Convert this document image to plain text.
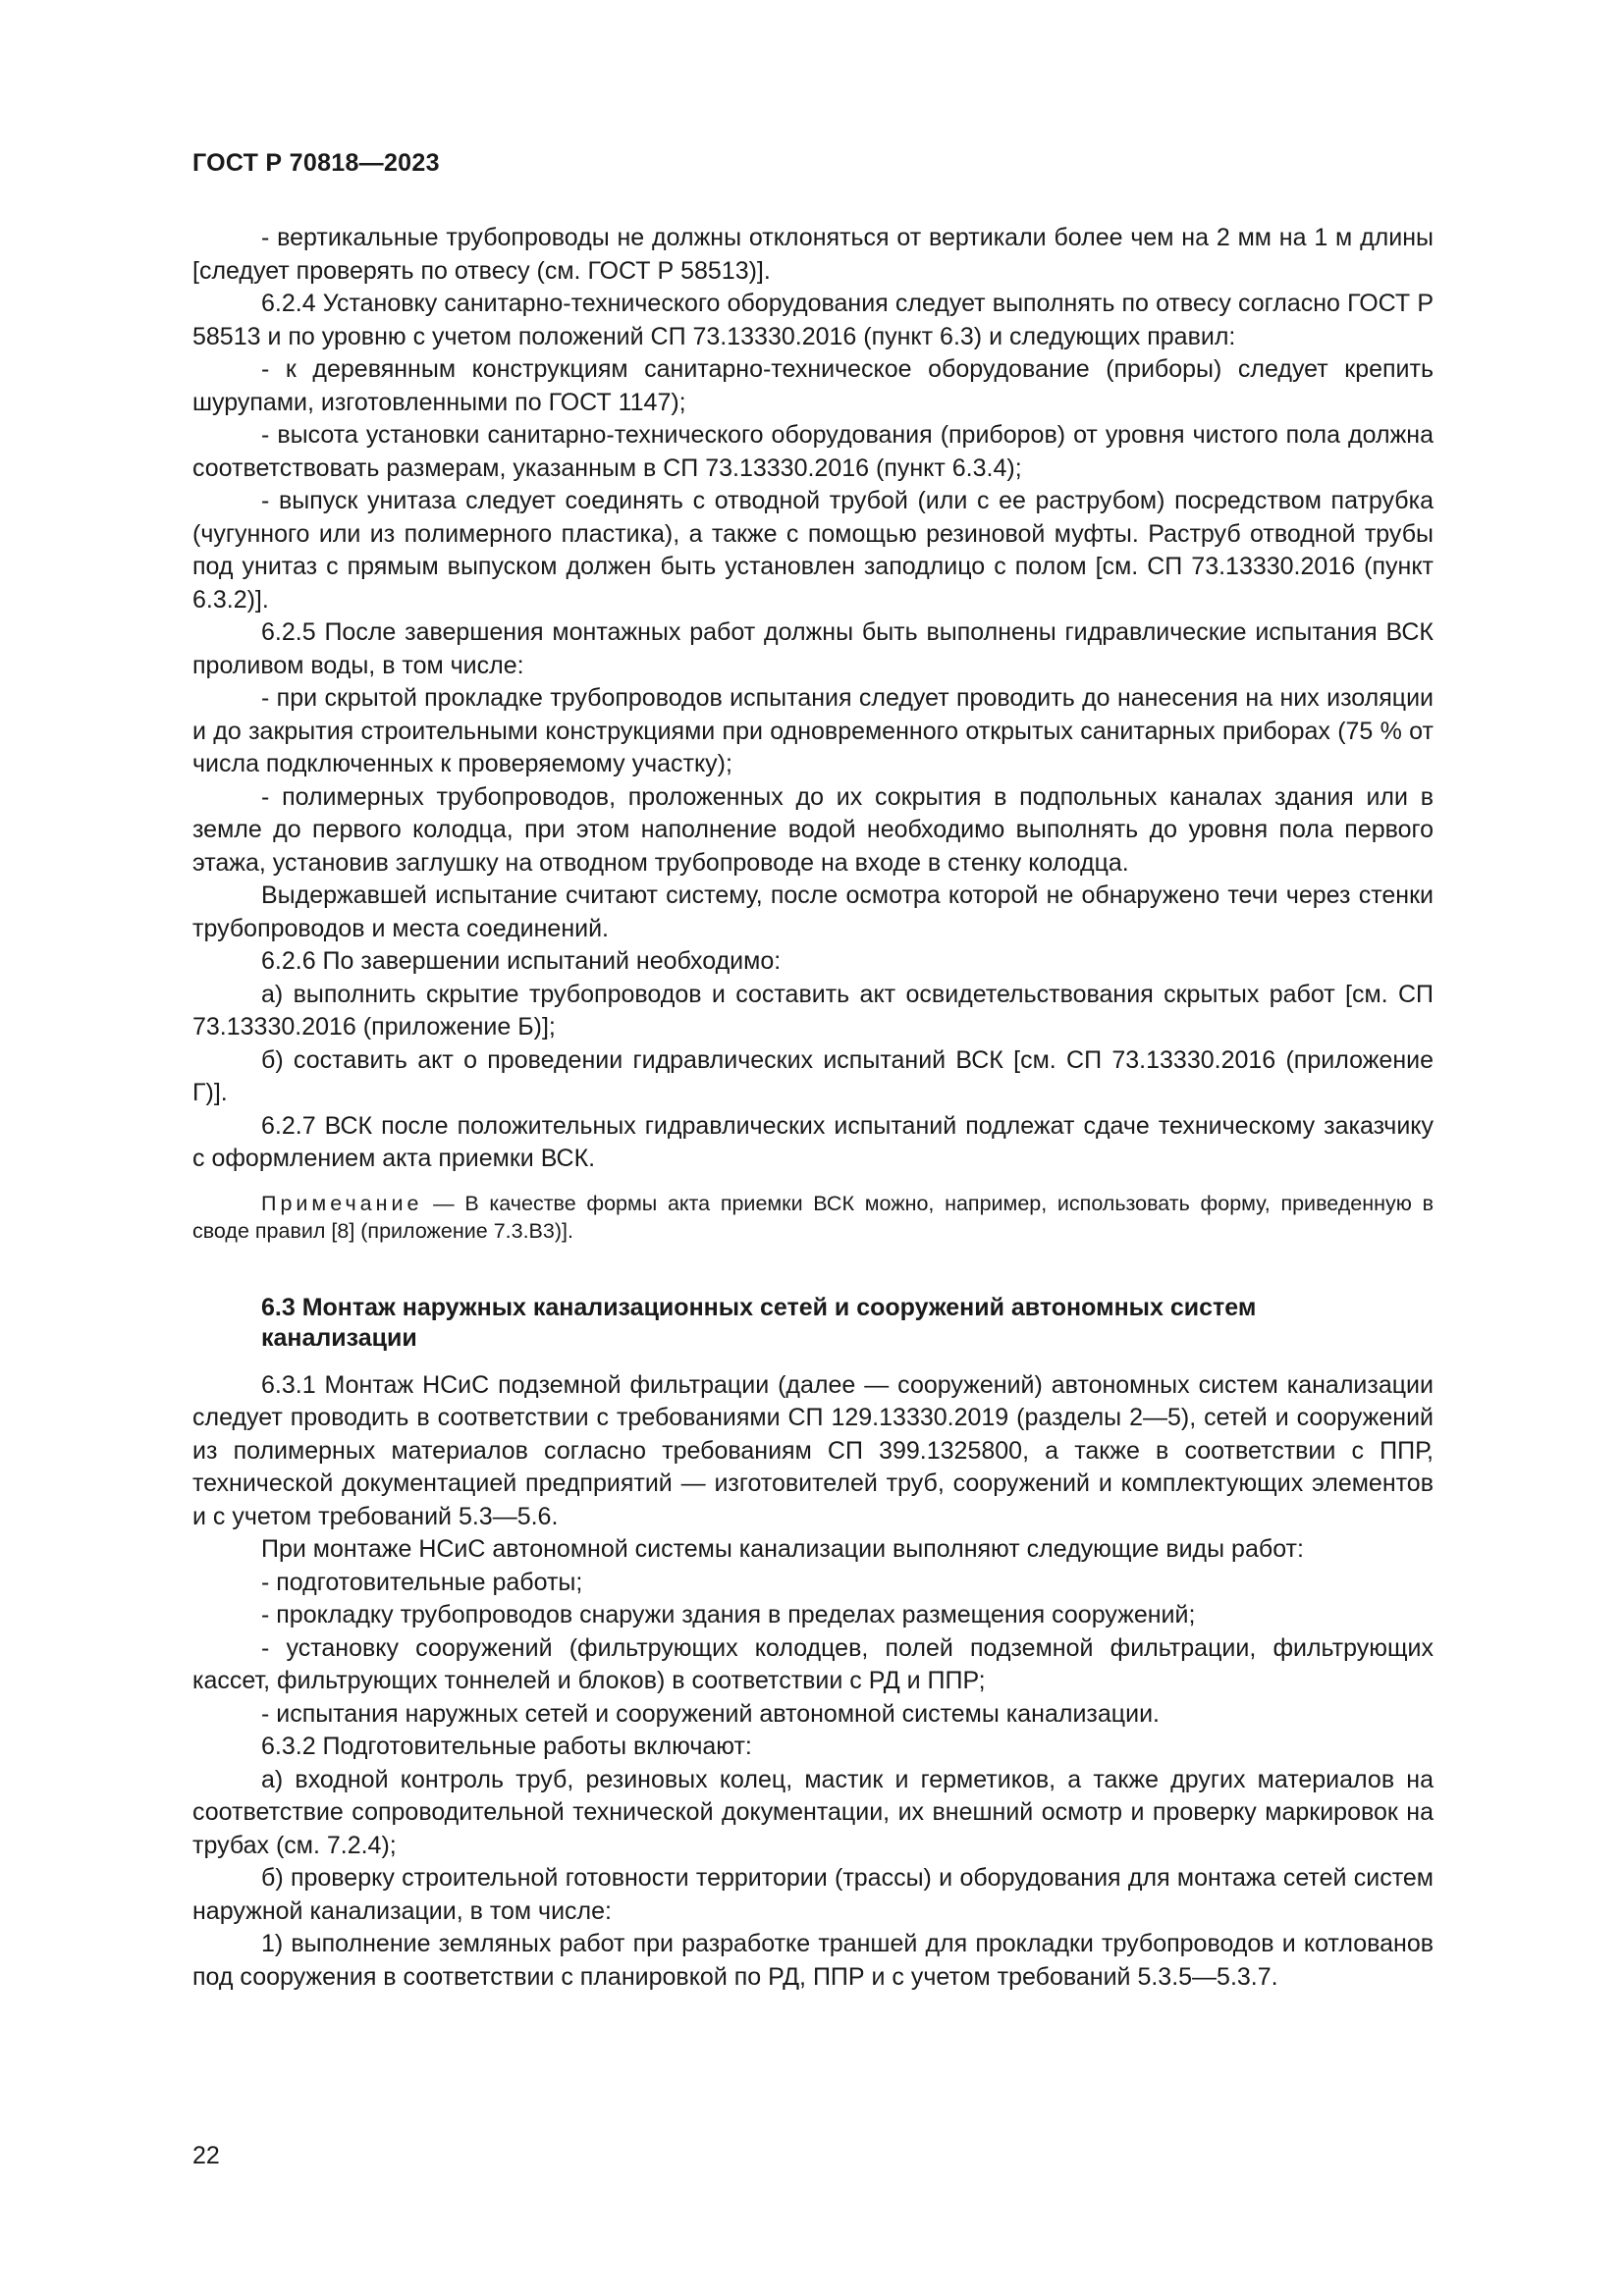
ГОСТ Р 70818—2023

- вертикальные трубопроводы не должны отклоняться от вертикали более чем на 2 мм на 1 м длины [следует проверять по отвесу (см. ГОСТ Р 58513)].

6.2.4 Установку санитарно-технического оборудования следует выполнять по отвесу согласно ГОСТ Р 58513 и по уровню с учетом положений СП 73.13330.2016 (пункт 6.3) и следующих правил:

- к деревянным конструкциям санитарно-техническое оборудование (приборы) следует крепить шурупами, изготовленными по ГОСТ 1147);

- высота установки санитарно-технического оборудования (приборов) от уровня чистого пола должна соответствовать размерам, указанным в СП 73.13330.2016 (пункт 6.3.4);

- выпуск унитаза следует соединять с отводной трубой (или с ее раструбом) посредством патрубка (чугунного или из полимерного пластика), а также с помощью резиновой муфты. Раструб отводной трубы под унитаз с прямым выпуском должен быть установлен заподлицо с полом [см. СП 73.13330.2016 (пункт 6.3.2)].

6.2.5 После завершения монтажных работ должны быть выполнены гидравлические испытания ВСК проливом воды, в том числе:

- при скрытой прокладке трубопроводов испытания следует проводить до нанесения на них изоляции и до закрытия строительными конструкциями при одновременного открытых санитарных приборах (75 % от числа подключенных к проверяемому участку);

- полимерных трубопроводов, проложенных до их сокрытия в подпольных каналах здания или в земле до первого колодца, при этом наполнение водой необходимо выполнять до уровня пола первого этажа, установив заглушку на отводном трубопроводе на входе в стенку колодца.

Выдержавшей испытание считают систему, после осмотра которой не обнаружено течи через стенки трубопроводов и места соединений.

6.2.6 По завершении испытаний необходимо:

а) выполнить скрытие трубопроводов и составить акт освидетельствования скрытых работ [см. СП 73.13330.2016 (приложение Б)];

б) составить акт о проведении гидравлических испытаний ВСК [см. СП 73.13330.2016 (приложение Г)].

6.2.7 ВСК после положительных гидравлических испытаний подлежат сдаче техническому заказчику с оформлением акта приемки ВСК.

Примечание — В качестве формы акта приемки ВСК можно, например, использовать форму, приведенную в своде правил [8] (приложение 7.3.В3)].

6.3 Монтаж наружных канализационных сетей и сооружений автономных систем канализации

6.3.1 Монтаж НСиС подземной фильтрации (далее — сооружений) автономных систем канализации следует проводить в соответствии с требованиями СП 129.13330.2019 (разделы 2—5), сетей и сооружений из полимерных материалов согласно требованиям СП 399.1325800, а также в соответствии с ППР, технической документацией предприятий — изготовителей труб, сооружений и комплектующих элементов и с учетом требований 5.3—5.6.

При монтаже НСиС автономной системы канализации выполняют следующие виды работ:

- подготовительные работы;

- прокладку трубопроводов снаружи здания в пределах размещения сооружений;

- установку сооружений (фильтрующих колодцев, полей подземной фильтрации, фильтрующих кассет, фильтрующих тоннелей и блоков) в соответствии с РД и ППР;

- испытания наружных сетей и сооружений автономной системы канализации.

6.3.2 Подготовительные работы включают:

а) входной контроль труб, резиновых колец, мастик и герметиков, а также других материалов на соответствие сопроводительной технической документации, их внешний осмотр и проверку маркировок на трубах (см. 7.2.4);

б) проверку строительной готовности территории (трассы) и оборудования для монтажа сетей систем наружной канализации, в том числе:

1) выполнение земляных работ при разработке траншей для прокладки трубопроводов и котлованов под сооружения в соответствии с планировкой по РД, ППР и с учетом требований 5.3.5—5.3.7.

22
